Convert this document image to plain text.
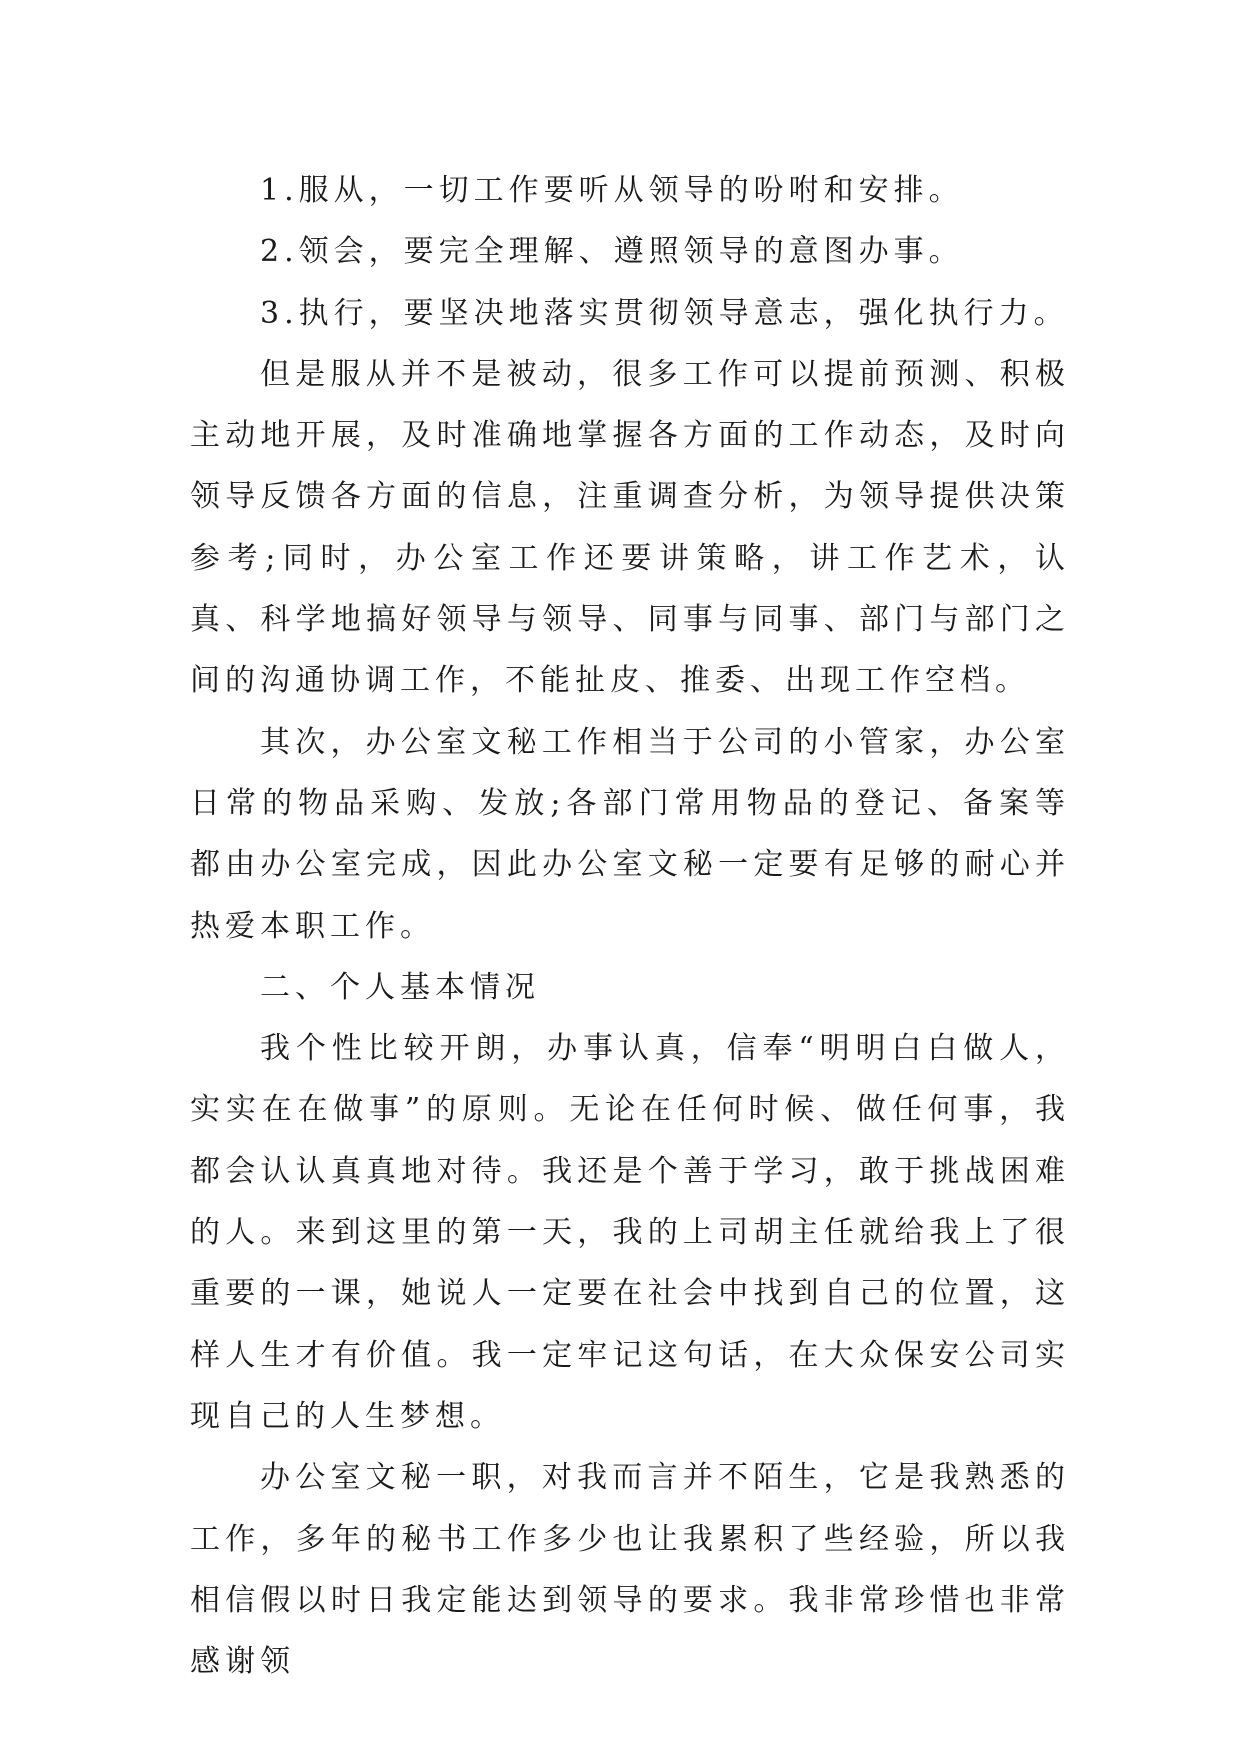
1.服从，一切工作要听从领导的吩咐和安排。

2.领会，要完全理解、遵照领导的意图办事。

3.执行，要坚决地落实贯彻领导意志，强化执行力。

但是服从并不是被动，很多工作可以提前预测、积极主动地开展，及时准确地掌握各方面的工作动态，及时向领导反馈各方面的信息，注重调查分析，为领导提供决策参考;同时，办公室工作还要讲策略，讲工作艺术，认真、科学地搞好领导与领导、同事与同事、部门与部门之间的沟通协调工作，不能扯皮、推委、出现工作空档。

其次，办公室文秘工作相当于公司的小管家，办公室日常的物品采购、发放;各部门常用物品的登记、备案等都由办公室完成，因此办公室文秘一定要有足够的耐心并热爱本职工作。

二、个人基本情况

我个性比较开朗，办事认真，信奉“明明白白做人，实实在在做事”的原则。无论在任何时候、做任何事，我都会认认真真地对待。我还是个善于学习，敢于挑战困难的人。来到这里的第一天，我的上司胡主任就给我上了很重要的一课，她说人一定要在社会中找到自己的位置，这样人生才有价值。我一定牢记这句话，在大众保安公司实现自己的人生梦想。

办公室文秘一职，对我而言并不陌生，它是我熟悉的工作，多年的秘书工作多少也让我累积了些经验，所以我相信假以时日我定能达到领导的要求。我非常珍惜也非常感谢领
